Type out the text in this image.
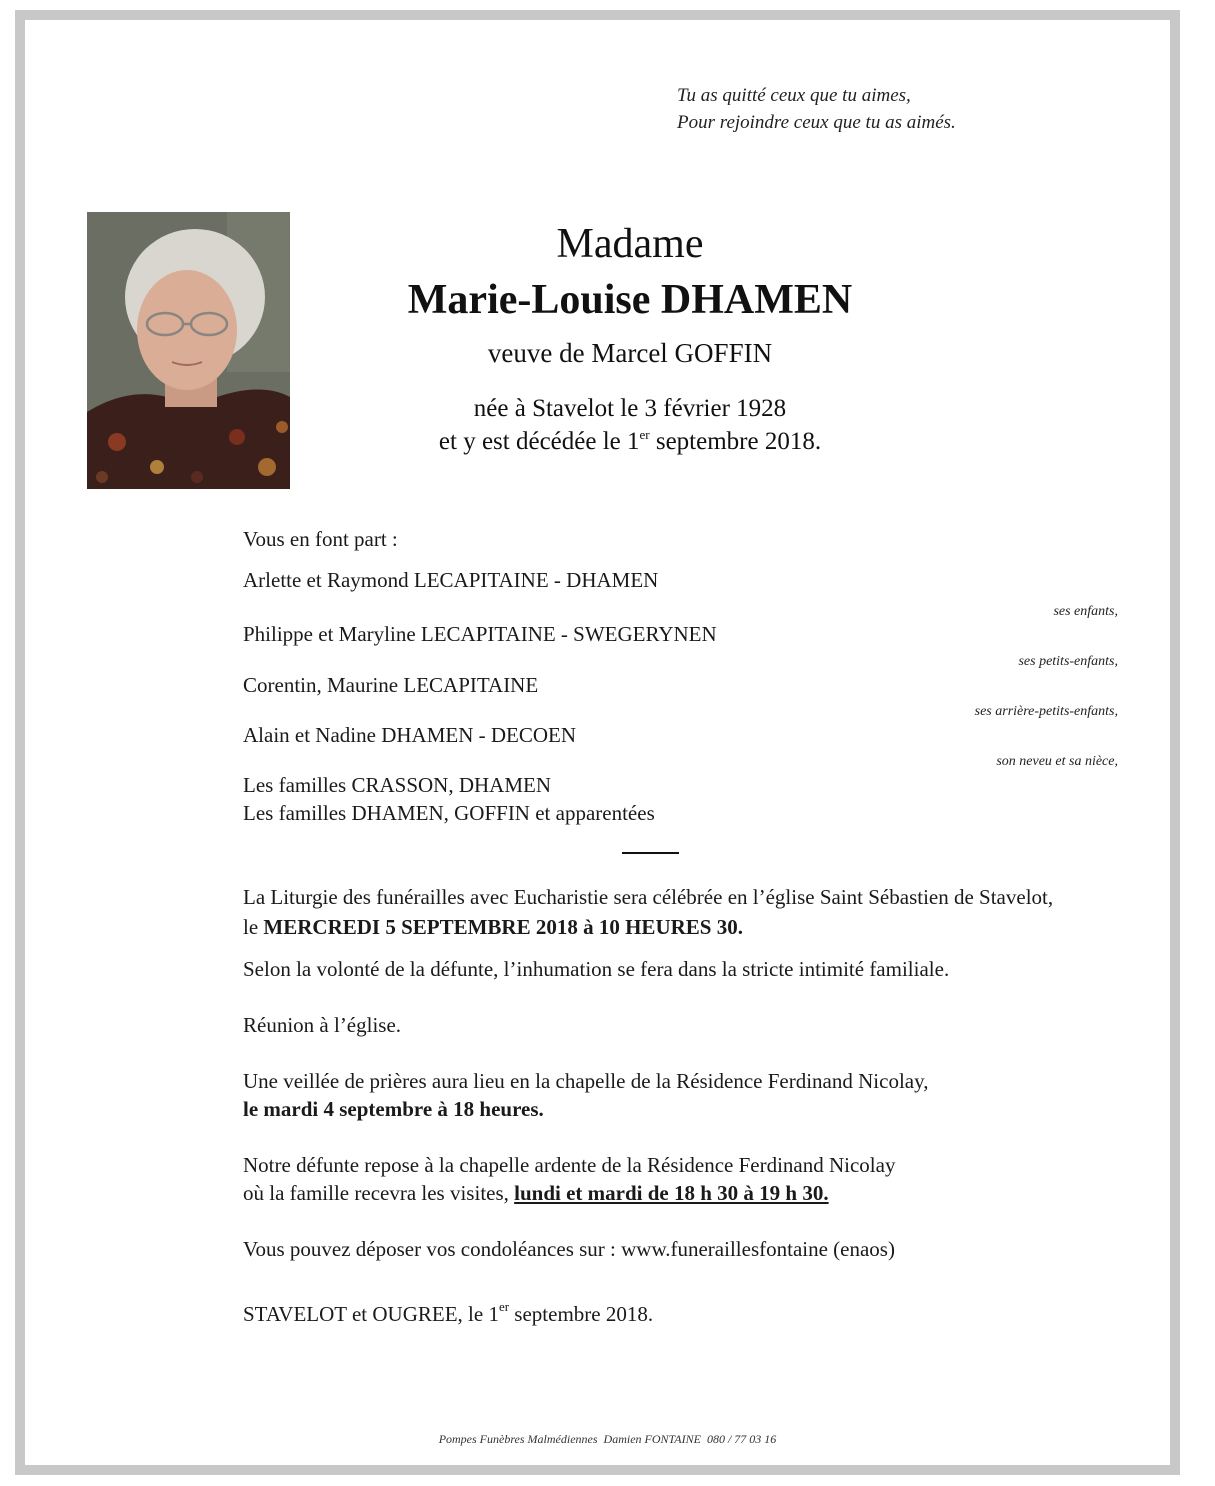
Tu as quitté ceux que tu aimes,
Pour rejoindre ceux que tu as aimés.
Madame
Marie-Louise DHAMEN
veuve de Marcel GOFFIN
née à Stavelot le 3 février 1928
et y est décédée le 1er septembre 2018.
Vous en font part :
Arlette et Raymond LECAPITAINE - DHAMEN
ses enfants,
Philippe et Maryline LECAPITAINE - SWEGERYNEN
ses petits-enfants,
Corentin, Maurine LECAPITAINE
ses arrière-petits-enfants,
Alain et Nadine DHAMEN - DECOEN
son neveu et sa nièce,
Les familles CRASSON, DHAMEN
Les familles DHAMEN, GOFFIN et apparentées
La Liturgie des funérailles avec Eucharistie sera célébrée en l’église Saint Sébastien de Stavelot,
le MERCREDI 5 SEPTEMBRE 2018 à 10 HEURES 30.
Selon la volonté de la défunte, l’inhumation se fera dans la stricte intimité familiale.
Réunion à l’église.
Une veillée de prières aura lieu en la chapelle de la Résidence Ferdinand Nicolay,
le mardi 4 septembre à 18 heures.
Notre défunte repose à la chapelle ardente de la Résidence Ferdinand Nicolay
où la famille recevra les visites, lundi et mardi de 18 h 30 à 19 h 30.
Vous pouvez déposer vos condoléances sur : www.funeraillesfontaine (enaos)
STAVELOT et OUGREE, le 1er septembre 2018.
Pompes Funèbres Malmédiennes  Damien FONTAINE  080 / 77 03 16
